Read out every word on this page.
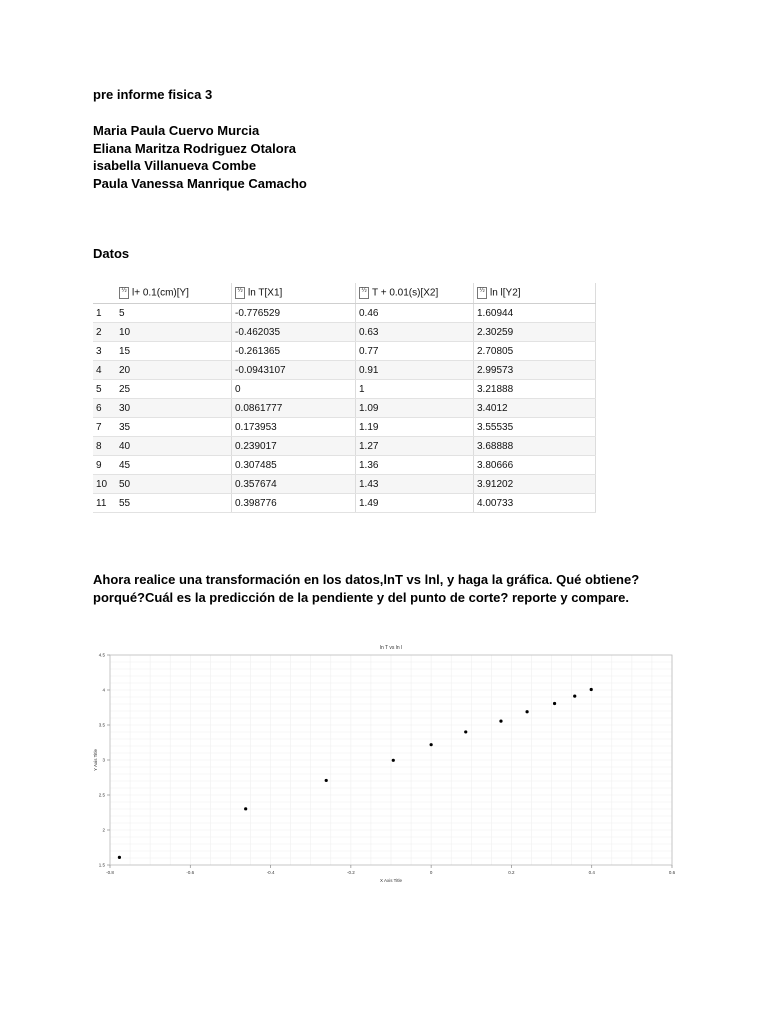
pre informe fisica 3
Maria Paula Cuervo Murcia
Eliana Maritza Rodriguez Otalora
isabella Villanueva Combe
Paula Vanessa Manrique Camacho
Datos
	½ l+ 0.1(cm)[Y]	½ ln T[X1]	½ T + 0.01(s)[X2]	½ ln l[Y2]
1	5	-0.776529	0.46	1.60944
2	10	-0.462035	0.63	2.30259
3	15	-0.261365	0.77	2.70805
4	20	-0.0943107	0.91	2.99573
5	25	0	1	3.21888
6	30	0.0861777	1.09	3.4012
7	35	0.173953	1.19	3.55535
8	40	0.239017	1.27	3.68888
9	45	0.307485	1.36	3.80666
10	50	0.357674	1.43	3.91202
11	55	0.398776	1.49	4.00733
Ahora realice una transformación en los datos,lnT vs lnl, y haga la gráfica. Qué obtiene? porqué?Cuál es la predicción de la pendiente y del punto de corte? reporte y compare.
-0.8	-0.6	-0.4	-0.2	0	0.2	0.4	0.6
1.5
2
2.5
3
3.5
4
4.5
ln T vs ln l
X Axis Title
Y Axis Title
